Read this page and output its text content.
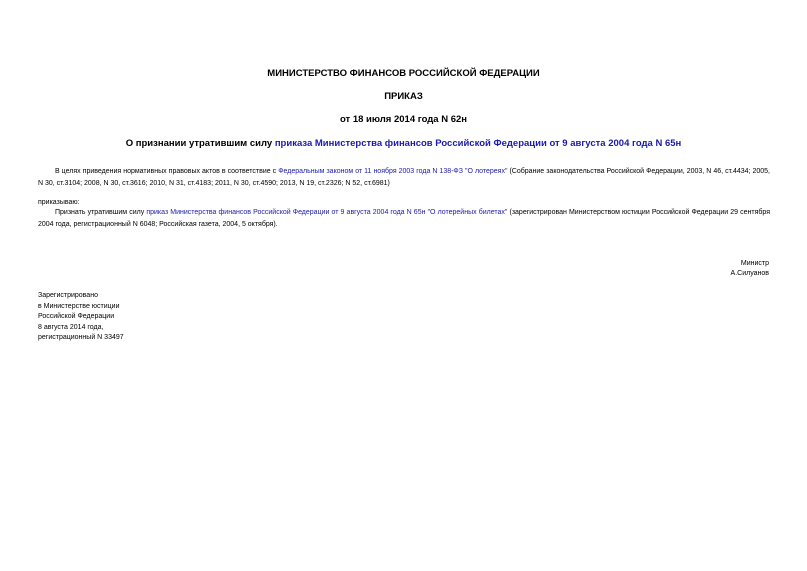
МИНИСТЕРСТВО ФИНАНСОВ РОССИЙСКОЙ ФЕДЕРАЦИИ
ПРИКАЗ
от 18 июля 2014 года N 62н
О признании утратившим силу приказа Министерства финансов Российской Федерации от 9 августа 2004 года N 65н

В целях приведения нормативных правовых актов в соответствие с Федеральным законом от 11 ноября 2003 года N 138-ФЗ "О лотереях" (Собрание законодательства Российской Федерации, 2003, N 46, ст.4434; 2005, N 30, ст.3104; 2008, N 30, ст.3616; 2010, N 31, ст.4183; 2011, N 30, ст.4590; 2013, N 19, ст.2326; N 52, ст.6981)

приказываю:

Признать утратившим силу приказ Министерства финансов Российской Федерации от 9 августа 2004 года N 65н "О лотерейных билетах" (зарегистрирован Министерством юстиции Российской Федерации 29 сентября 2004 года, регистрационный N 6048; Российская газета, 2004, 5 октября).

Министр
А.Силуанов
Зарегистрировано
в Министерстве юстиции
Российской Федерации
8 августа 2014 года,
регистрационный N 33497
